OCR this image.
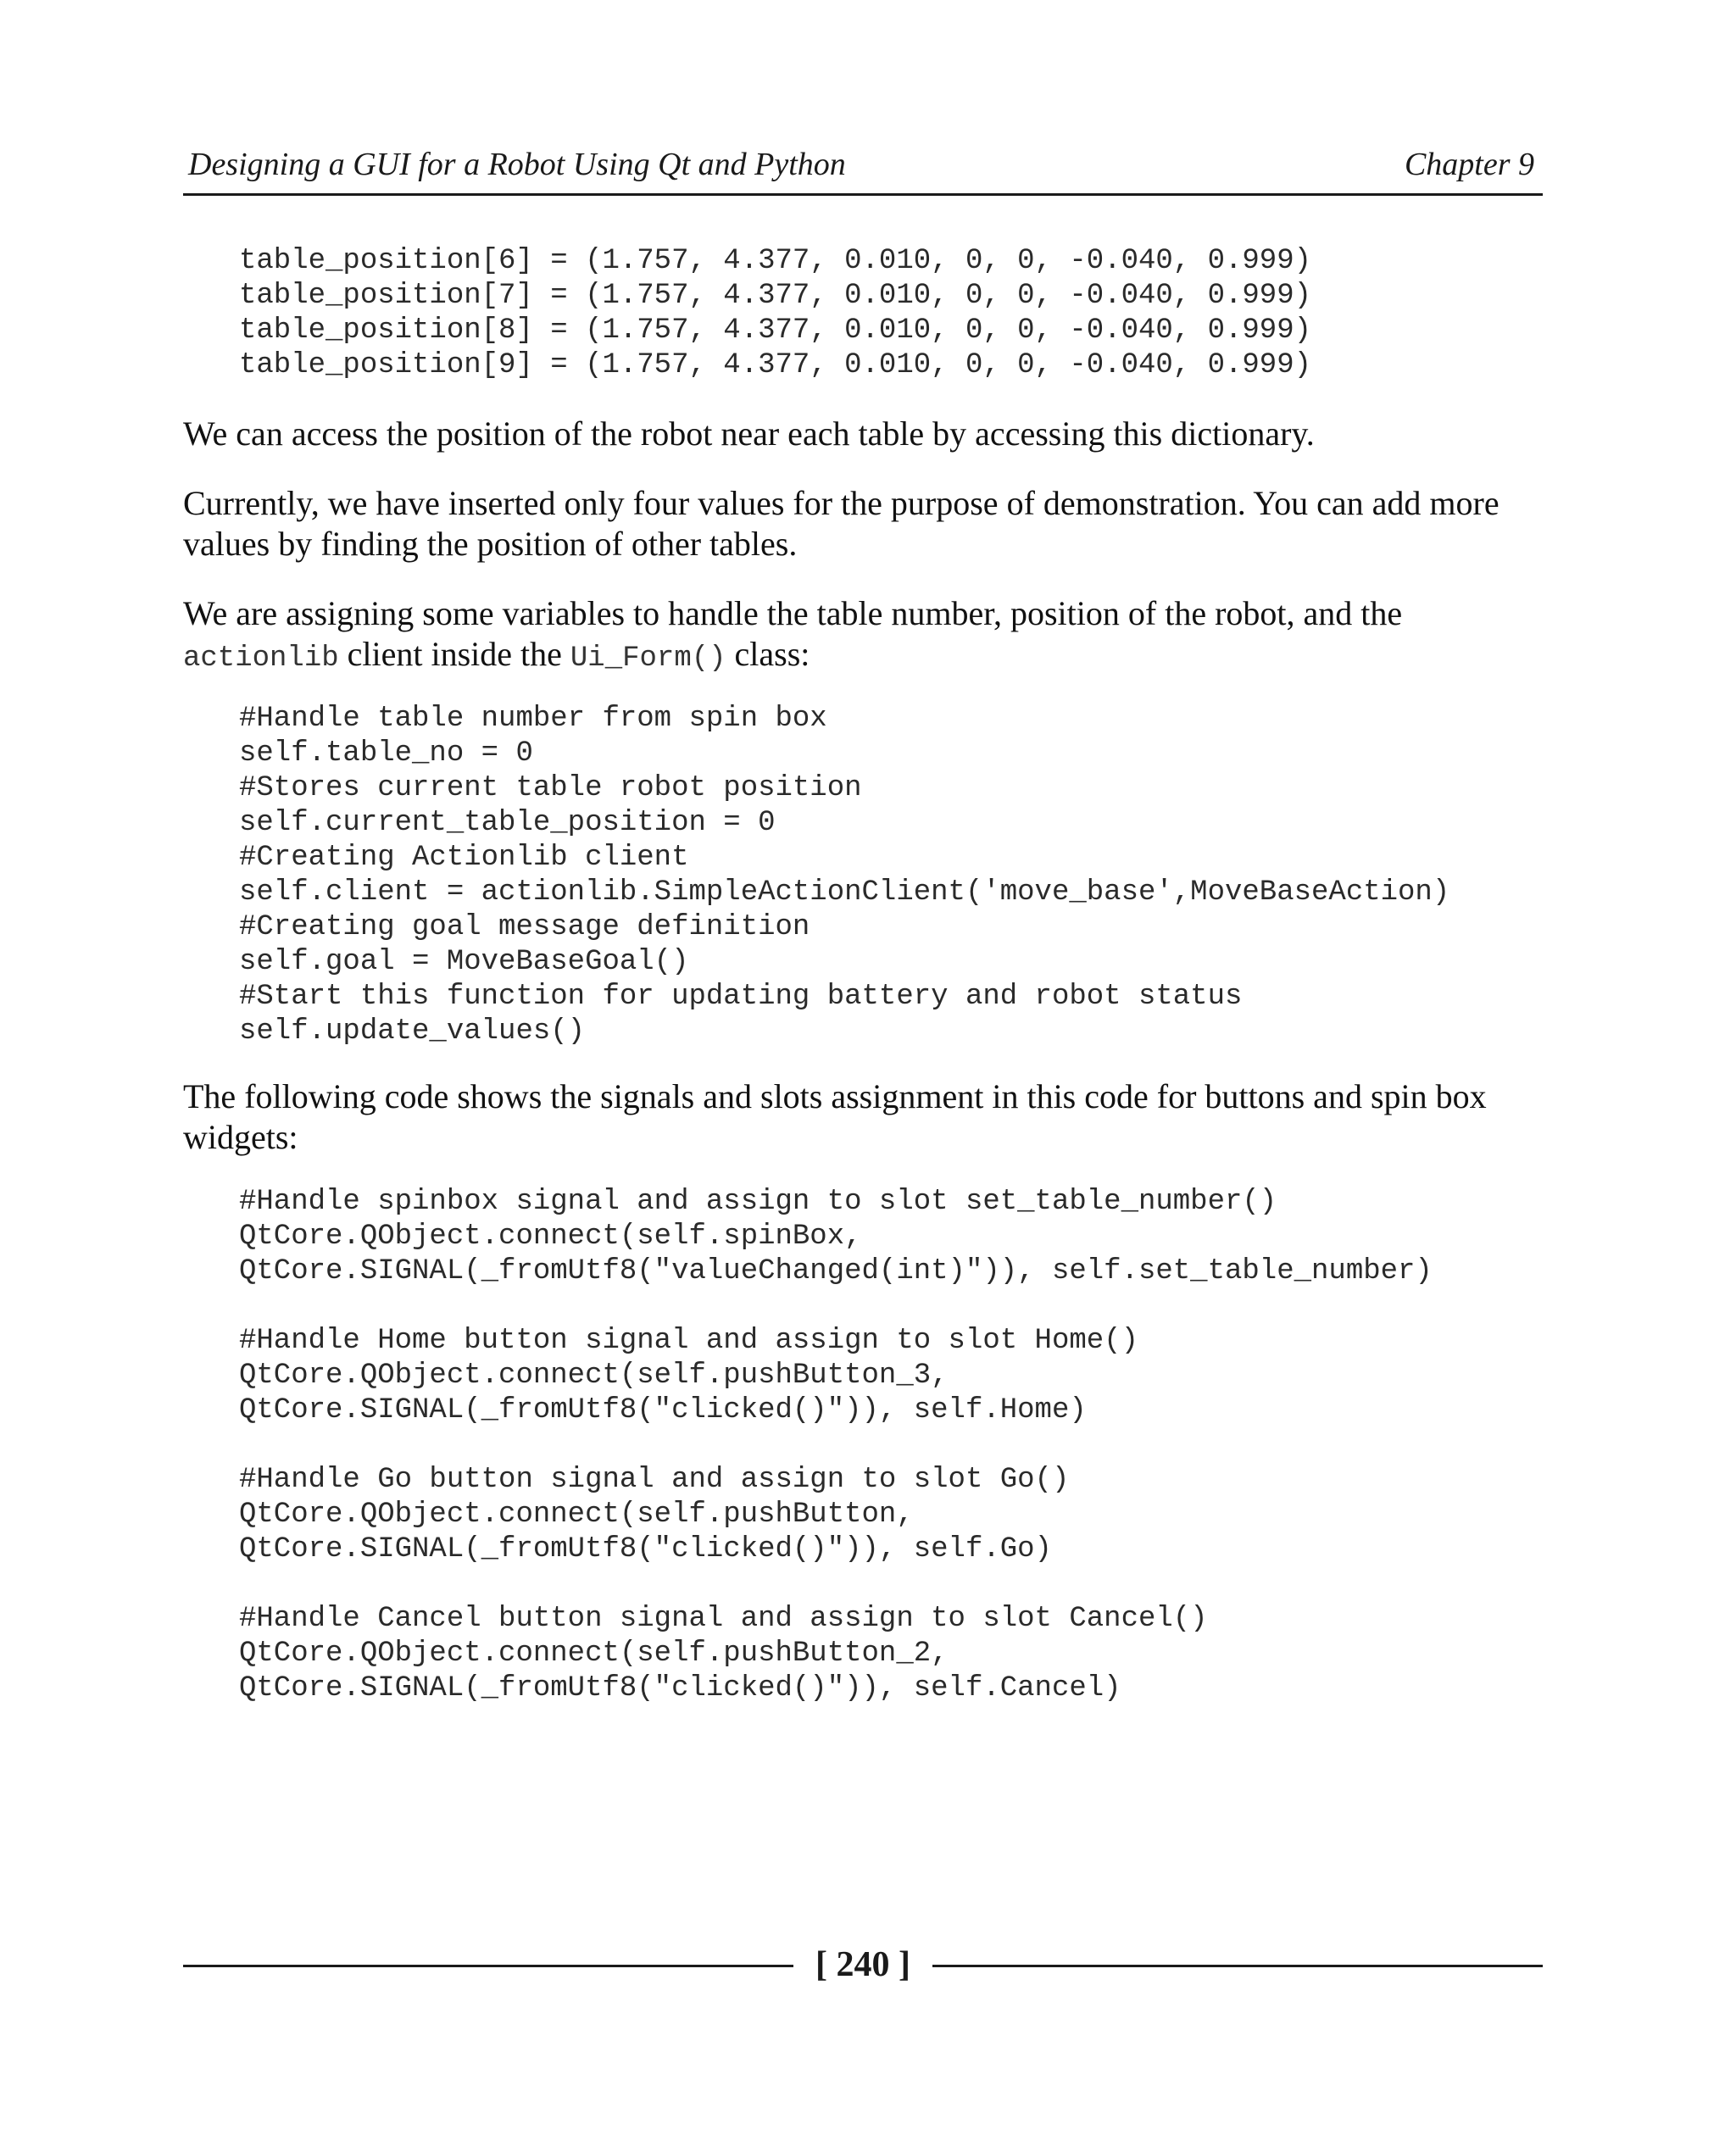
Designing a GUI for a Robot Using Qt and Python	Chapter 9
table_position[6] = (1.757, 4.377, 0.010, 0, 0, -0.040, 0.999)
table_position[7] = (1.757, 4.377, 0.010, 0, 0, -0.040, 0.999)
table_position[8] = (1.757, 4.377, 0.010, 0, 0, -0.040, 0.999)
table_position[9] = (1.757, 4.377, 0.010, 0, 0, -0.040, 0.999)

We can access the position of the robot near each table by accessing this dictionary.

Currently, we have inserted only four values for the purpose of demonstration. You can add more values by finding the position of other tables.

We are assigning some variables to handle the table number, position of the robot, and the actionlib client inside the Ui_Form() class:

#Handle table number from spin box
self.table_no = 0
#Stores current table robot position
self.current_table_position = 0
#Creating Actionlib client
self.client = actionlib.SimpleActionClient('move_base',MoveBaseAction)
#Creating goal message definition
self.goal = MoveBaseGoal()
#Start this function for updating battery and robot status
self.update_values()

The following code shows the signals and slots assignment in this code for buttons and spin box widgets:

#Handle spinbox signal and assign to slot set_table_number()
QtCore.QObject.connect(self.spinBox,
QtCore.SIGNAL(_fromUtf8("valueChanged(int)")), self.set_table_number)

#Handle Home button signal and assign to slot Home()
QtCore.QObject.connect(self.pushButton_3,
QtCore.SIGNAL(_fromUtf8("clicked()")), self.Home)

#Handle Go button signal and assign to slot Go()
QtCore.QObject.connect(self.pushButton,
QtCore.SIGNAL(_fromUtf8("clicked()")), self.Go)

#Handle Cancel button signal and assign to slot Cancel()
QtCore.QObject.connect(self.pushButton_2,
QtCore.SIGNAL(_fromUtf8("clicked()")), self.Cancel)
[ 240 ]
